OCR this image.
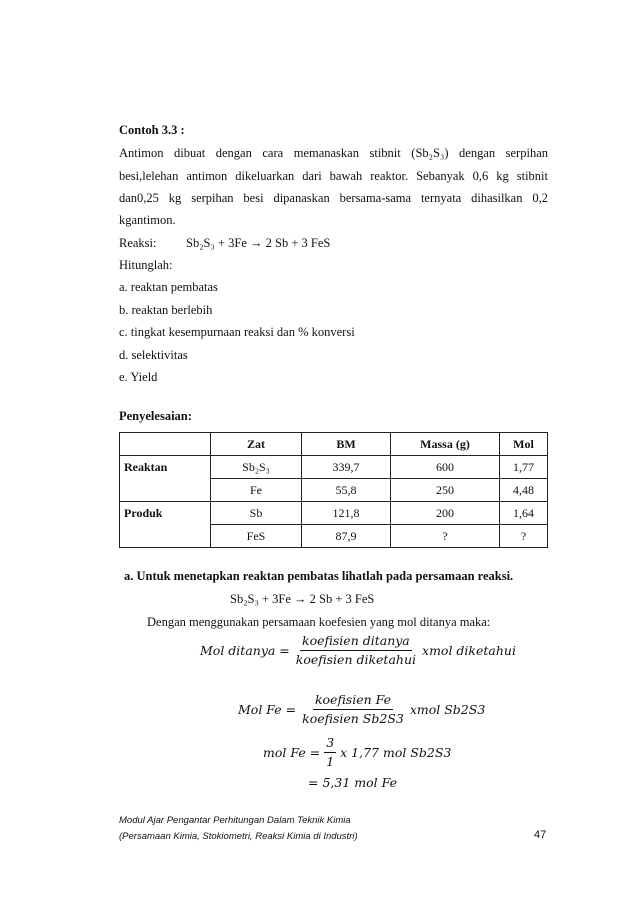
Contoh 3.3 :
Antimon dibuat dengan cara memanaskan stibnit (Sb₂S₃) dengan serpihan
besi,lelehan antimon dikeluarkan dari bawah reaktor. Sebanyak 0,6 kg stibnit
dan0,25 kg serpihan besi dipanaskan bersama-sama ternyata dihasilkan 0,2
kgantimon.
Reaksi: Sb₂S₃ + 3Fe → 2 Sb + 3 FeS
Hitunglah:
a. reaktan pembatas
b. reaktan berlebih
c. tingkat kesempurnaan reaksi dan % konversi
d. selektivitas
e. Yield
Penyelesaian:
	Zat	BM	Massa (g)	Mol
Reaktan	Sb₂S₃	339,7	600	1,77
	Fe	55,8	250	4,48
Produk	Sb	121,8	200	1,64
	FeS	87,9	?	?
a. Untuk menetapkan reaktan pembatas lihatlah pada persamaan reaksi.
Sb₂S₃ + 3Fe → 2 Sb + 3 FeS
Dengan menggunakan persamaan koefesien yang mol ditanya maka:
Mol ditanya = $\frac{\text{koefisien ditanya}}{\text{koefisien diketahui}}$ xmol diketahui
Mol $Fe = \frac{\text{koefisien Fe}}{\text{koefisien Sb2S3}}$ xmol Sb2S3
mol $Fe = \frac{3}{1}$ x 1,77 mol Sb2S3
= 5,31 mol Fe
Modul Ajar Pengantar Perhitungan Dalam Teknik Kimia
(Persamaan Kimia, Stokiometri, Reaksi Kimia di Industri)	47
